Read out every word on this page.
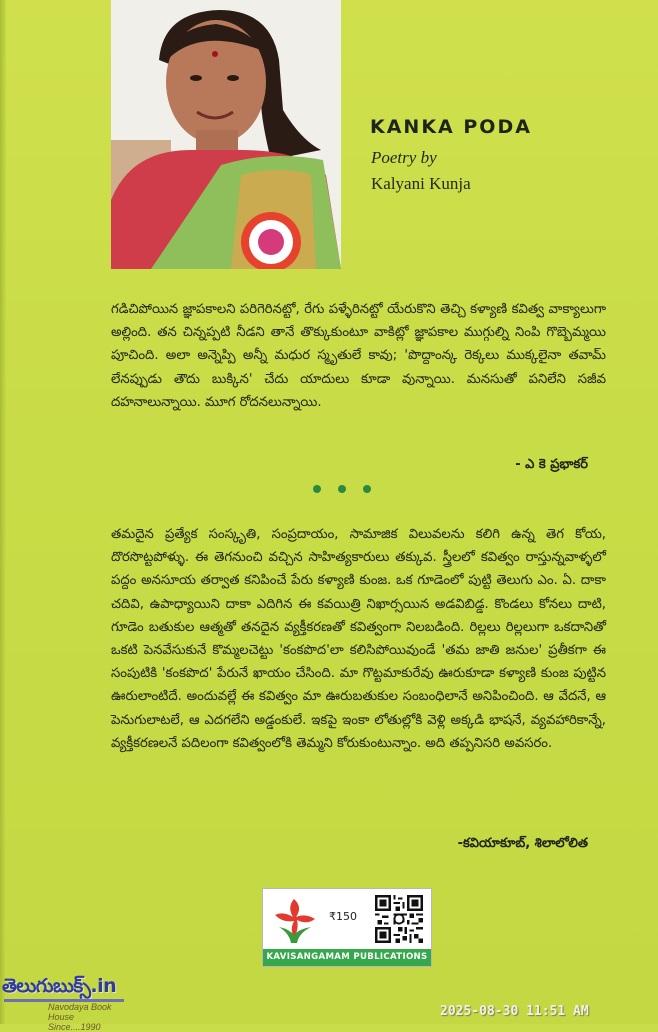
KANKA PODA
Poetry by
Kalyani Kunja
గడిచిపోయిన జ్ఞాపకాలని పరిగెరినట్టో, రేగు పళ్ళేరినట్టో యేరుకొని తెచ్చి కళ్యాణి కవిత్వ వాక్యాలుగా అల్లింది. తన చిన్నప్పటి నీడని తానే తొక్కుకుంటూ వాకిట్లో జ్ఞాపకాల ముగ్గుల్ని నింపి గొబ్బెమ్మయి పూచింది. అలా అన్నెప్పి అన్నీ మధుర స్మృతులే కావు; 'పొద్దాంన్క రెక్కలు ముక్కలైనా తవామ్ లేనప్పుడు తౌదు బుక్కిన' చేదు యాదులు కూడా వున్నాయి. మనసుతో పనిలేని సజీవ దహనాలున్నాయి. మూగ రోదనలున్నాయి.
- ఎ కె ప్రభాకర్
తమదైన ప్రత్యేక సంస్కృతి, సంప్రదాయం, సామాజిక విలువలను కలిగి ఉన్న తెగ కోయ, దొరసొట్టపోళ్ళు. ఈ తెగనుంచి వచ్చిన సాహిత్యకారులు తక్కువ. స్త్రీలలో కవిత్వం రాస్తున్నవాళ్ళలో పద్దం అనసూయ తర్వాత కనిపించే పేరు కళ్యాణి కుంజ. ఒక గూడెంలో పుట్టి తెలుగు ఎం. ఏ. దాకా చదివి, ఉపాధ్యాయిని దాకా ఎదిగిన ఈ కవయిత్రి నిఖార్సయిన అడవిబిడ్డ. కొండలు కోనలు దాటి, గూడెం బతుకుల ఆత్మతో తనదైన వ్యక్తీకరణతో కవిత్వంగా నిలబడింది. రిల్లలు రిల్లలుగా ఒకదానితో ఒకటి పెనవేసుకునే కొమ్మలచెట్టు 'కంకపొద'లా కలిసిపోయివుండే 'తమ జాతి జనుల' ప్రతీకగా ఈ సంపుటికి 'కంకపొద' పేరునే ఖాయం చేసింది. మా గొట్టమాకురేవు ఊరుకూడా కళ్యాణి కుంజ పుట్టిన ఊరులాంటిదే. అందువల్లే ఈ కవిత్వం మా ఊరుబతుకుల సంబంధిలానే అనిపించింది. ఆ వేదనే, ఆ పెనుగులాటలే, ఆ ఎదగలేని అడ్డంకులే. ఇకపై ఇంకా లోతుల్లోకి వెళ్లి అక్కడి భాషనే, వ్యవహారికాన్నే, వ్యక్తీకరణలనే పదిలంగా కవిత్వంలోకి తెమ్మని కోరుకుంటున్నాం. అది తప్పనిసరి అవసరం.
-కవియాకూబ్, శిలాలోలిత
₹150
KAVISANGAMAM PUBLICATIONS
తెలుగుబుక్స్.in
Navodaya Book House
Since....1990
2025-08-30 11:51 AM
